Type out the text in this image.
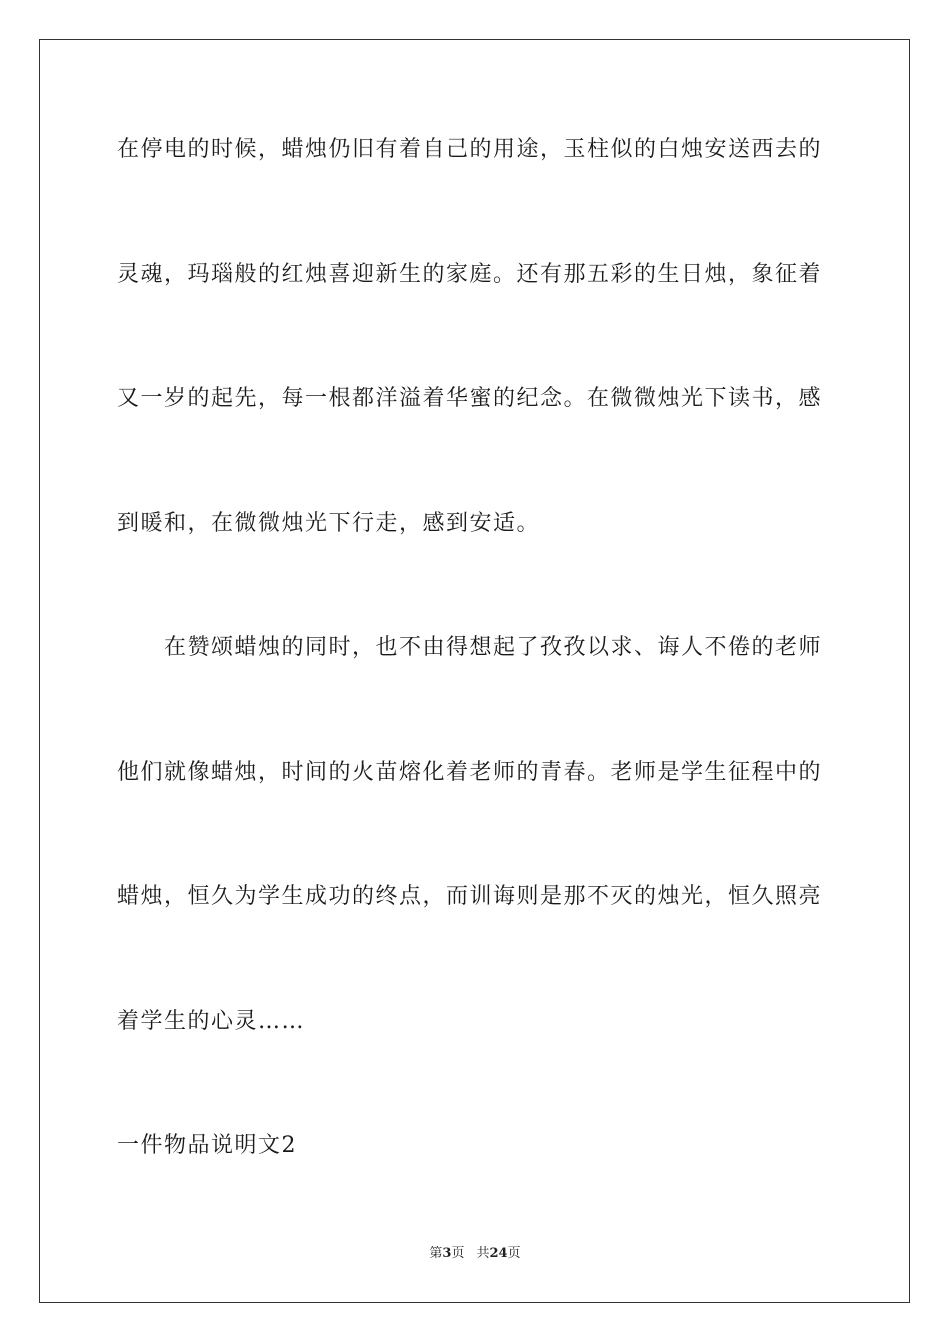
在停电的时候，蜡烛仍旧有着自己的用途，玉柱似的白烛安送西去的
灵魂，玛瑙般的红烛喜迎新生的家庭。还有那五彩的生日烛，象征着
又一岁的起先，每一根都洋溢着华蜜的纪念。在微微烛光下读书，感
到暖和，在微微烛光下行走，感到安适。
　　在赞颂蜡烛的同时，也不由得想起了孜孜以求、诲人不倦的老师
他们就像蜡烛，时间的火苗熔化着老师的青春。老师是学生征程中的
蜡烛，恒久为学生成功的终点，而训诲则是那不灭的烛光，恒久照亮
着学生的心灵……
一件物品说明文2
第3页 共24页
